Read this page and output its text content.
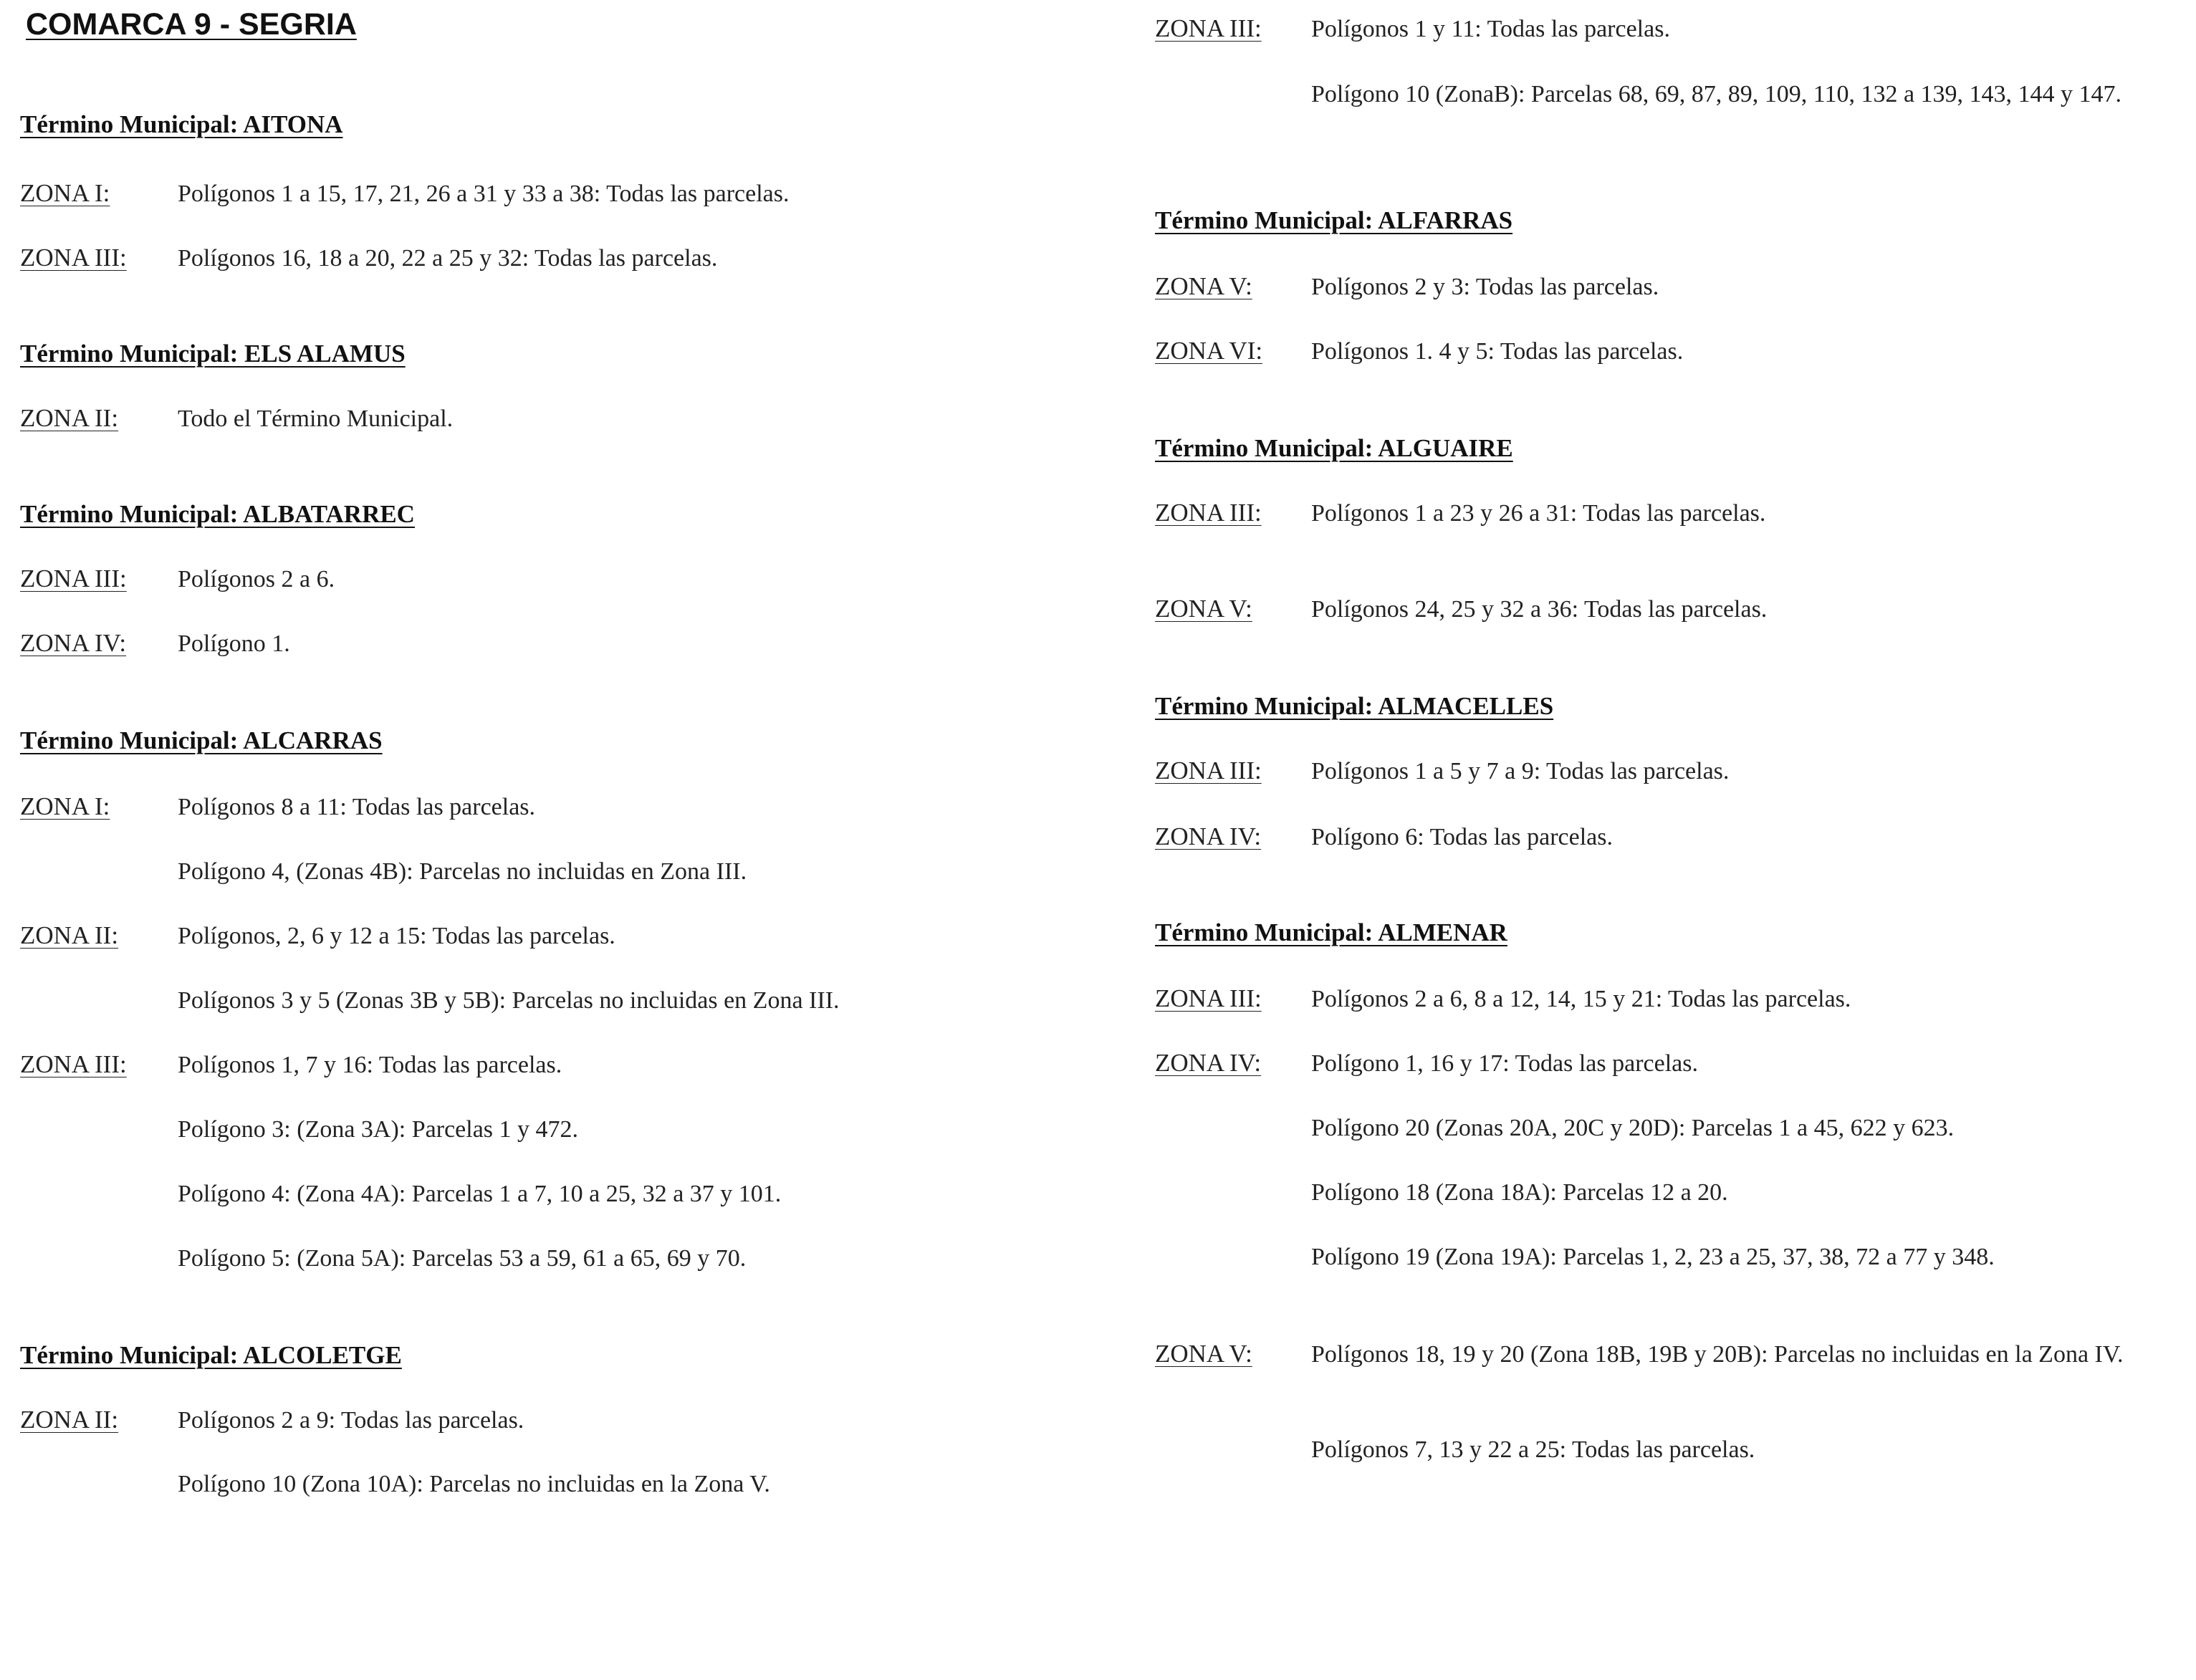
COMARCA 9 - SEGRIA
Término Municipal: AITONA
ZONA I:	Polígonos 1 a 15, 17, 21, 26 a 31 y 33 a 38: Todas las parcelas.
ZONA III: Polígonos 16, 18 a 20, 22 a 25 y 32: Todas las parcelas.
Término Municipal: ELS ALAMUS
ZONA II: Todo el Término Municipal.
Término Municipal: ALBATARREC
ZONA III: Polígonos 2 a 6.
ZONA IV: Polígono 1.
Término Municipal: ALCARRAS
ZONA I:	Polígonos 8 a 11: Todas las parcelas.
Polígono 4, (Zonas 4B): Parcelas no incluidas en Zona III.
ZONA II: Polígonos, 2, 6 y 12 a 15: Todas las parcelas.
Polígonos 3 y 5 (Zonas 3B y 5B): Parcelas no incluidas en Zona III.
ZONA III: Polígonos 1, 7 y 16: Todas las parcelas.
Polígono 3: (Zona 3A): Parcelas 1 y 472.
Polígono 4: (Zona 4A): Parcelas 1 a 7, 10 a 25, 32 a 37 y 101.
Polígono 5: (Zona 5A): Parcelas 53 a 59, 61 a 65, 69 y 70.
Término Municipal: ALCOLETGE
ZONA II: Polígonos 2 a 9: Todas las parcelas.
Polígono 10 (Zona 10A): Parcelas no incluidas en la Zona V.
ZONA III: Polígonos 1 y 11: Todas las parcelas.
Polígono 10 (ZonaB): Parcelas 68, 69, 87, 89, 109, 110, 132 a 139, 143, 144 y 147.
Término Municipal: ALFARRAS
ZONA V: Polígonos 2 y 3: Todas las parcelas.
ZONA VI: Polígonos 1. 4 y 5: Todas las parcelas.
Término Municipal: ALGUAIRE
ZONA III: Polígonos 1 a 23 y 26 a 31: Todas las parcelas.
ZONA V: Polígonos 24, 25 y 32 a 36: Todas las parcelas.
Término Municipal: ALMACELLES
ZONA III: Polígonos 1 a 5 y 7 a 9: Todas las parcelas.
ZONA IV: Polígono 6: Todas las parcelas.
Término Municipal: ALMENAR
ZONA III: Polígonos 2 a 6, 8 a 12, 14, 15 y 21: Todas las parcelas.
ZONA IV: Polígono 1, 16 y 17: Todas las parcelas.
Polígono 20 (Zonas 20A, 20C y 20D): Parcelas 1 a 45, 622 y 623.
Polígono 18 (Zona 18A): Parcelas 12 a 20.
Polígono 19 (Zona 19A): Parcelas 1, 2, 23 a 25, 37, 38, 72 a 77 y 348.
ZONA V: Polígonos 18, 19 y 20 (Zona 18B, 19B y 20B): Parcelas no incluidas en la Zona IV.
Polígonos 7, 13 y 22 a 25: Todas las parcelas.
